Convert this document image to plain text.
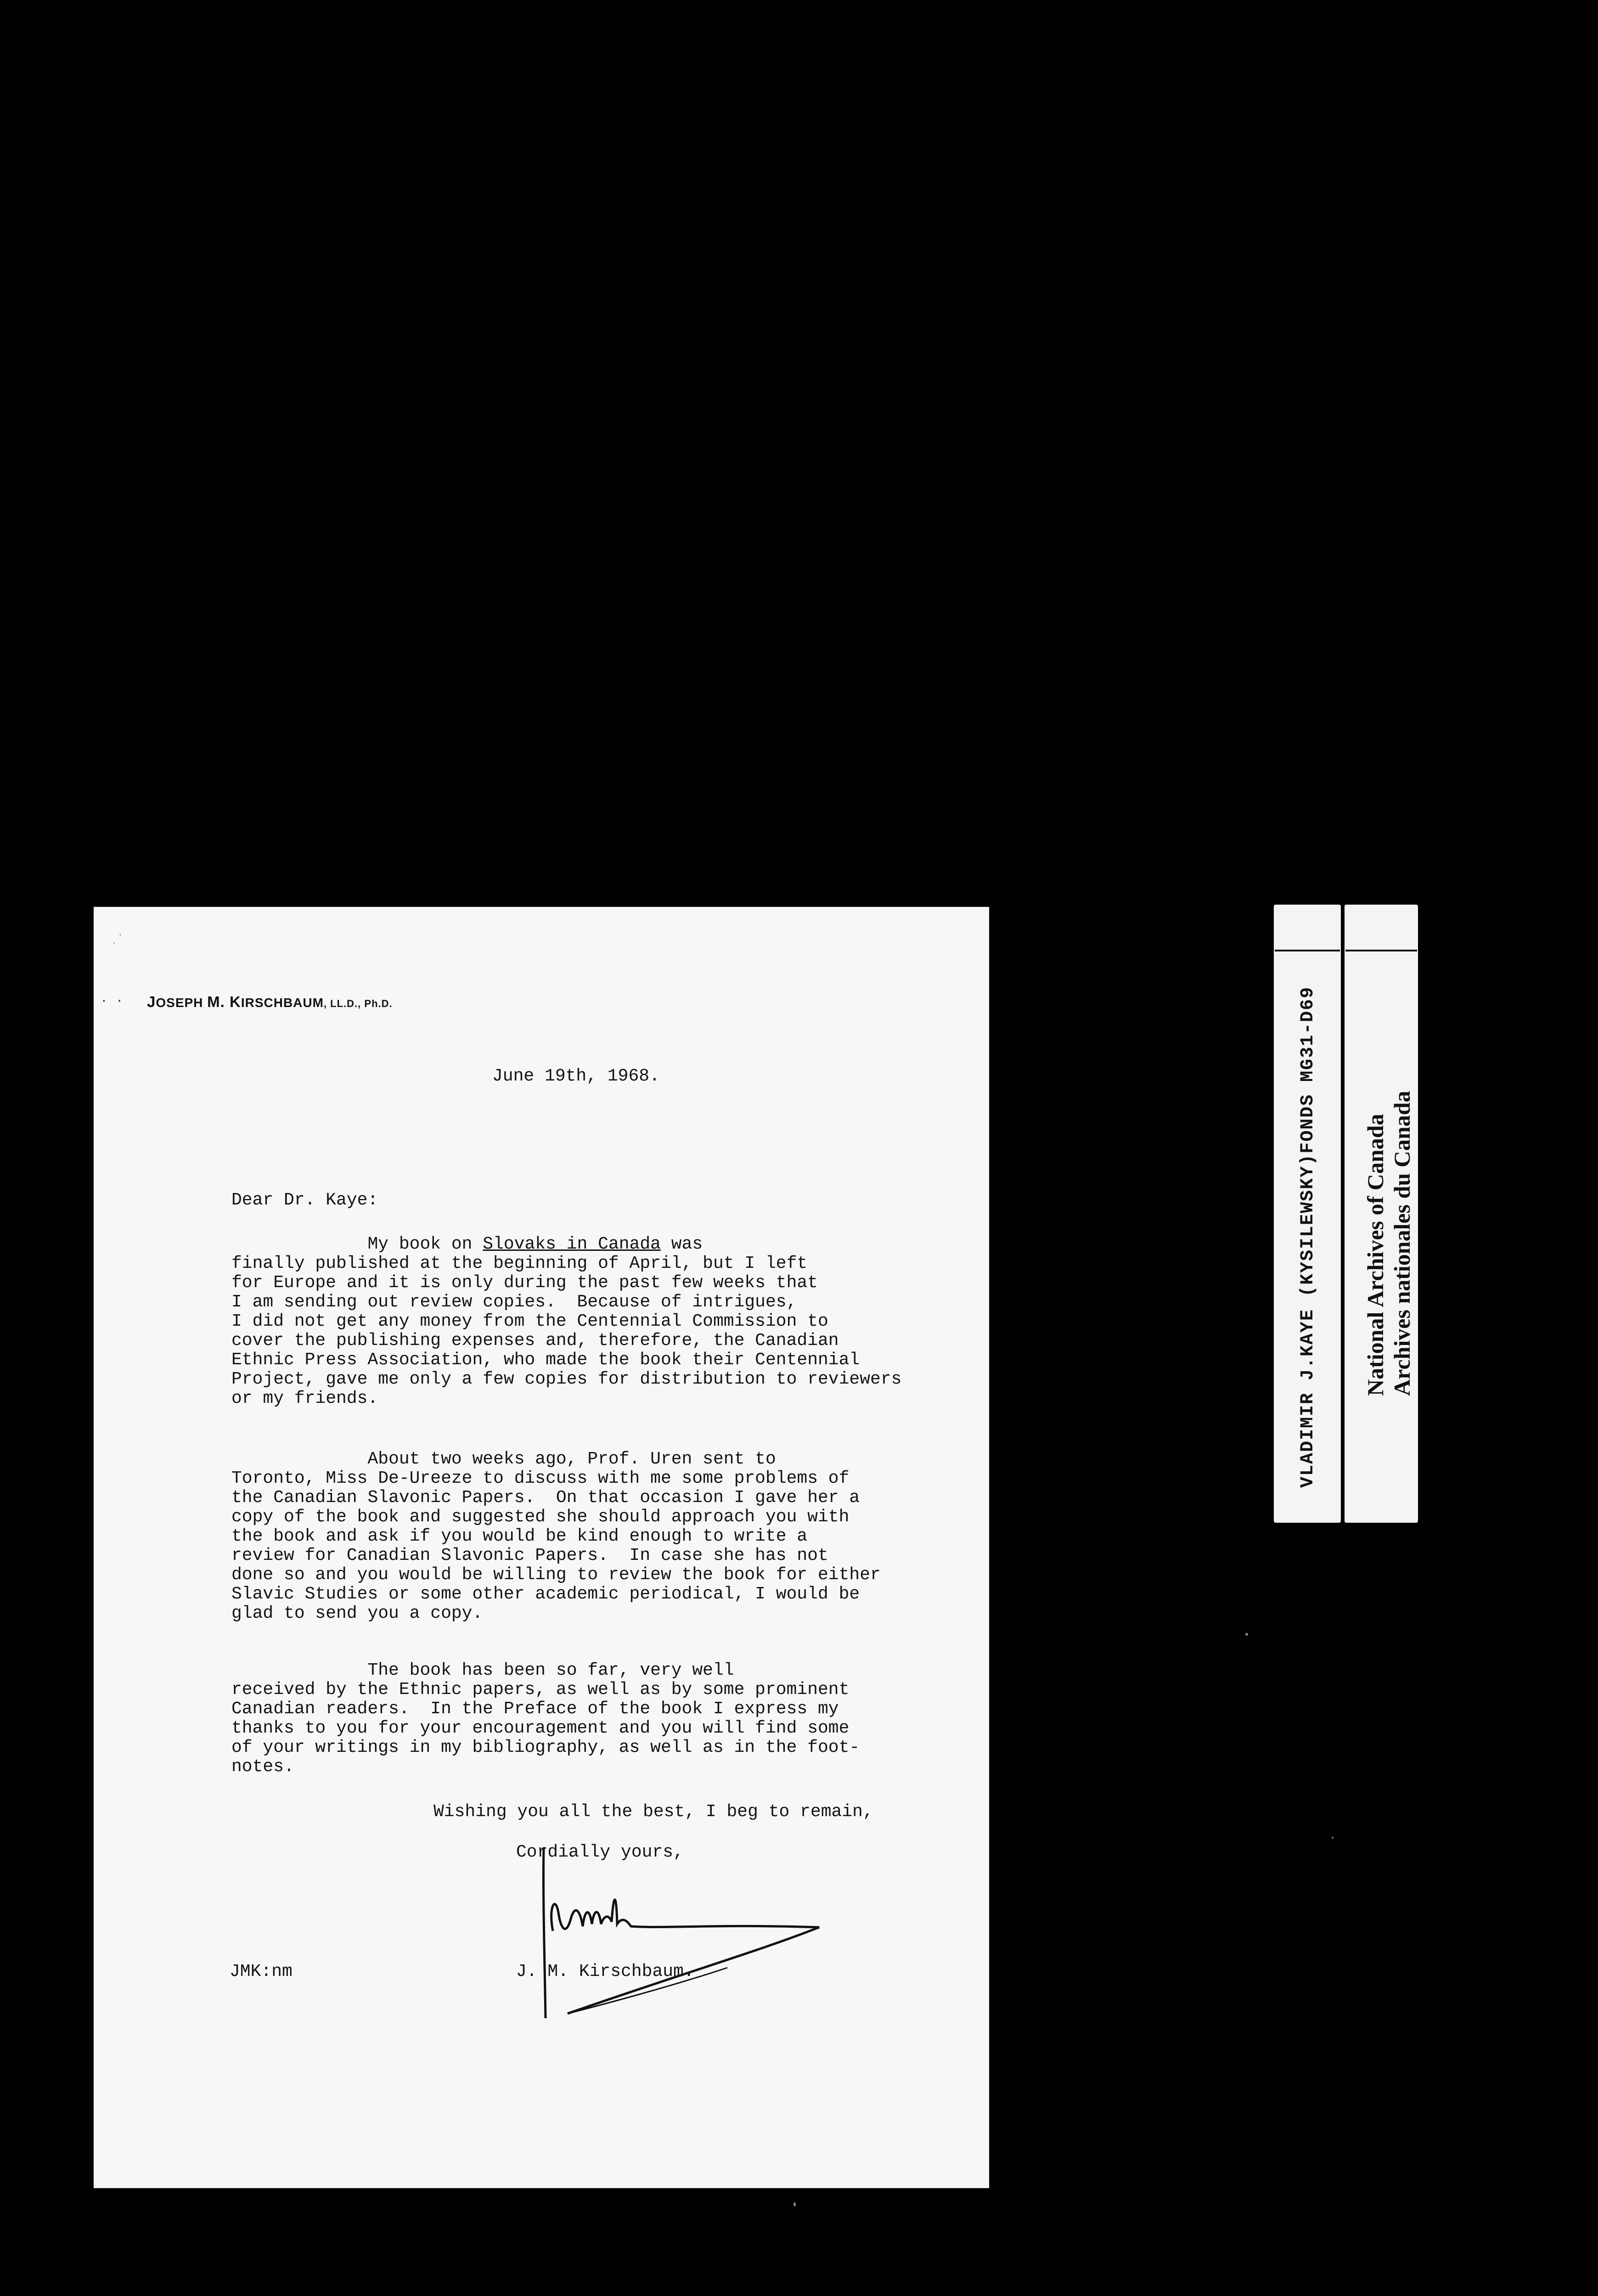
ˌ˙
· · JOSEPH M. KIRSCHBAUM, LL.D., Ph.D.
June 19th, 1968.
Dear Dr. Kaye:
My book on Slovaks in Canada was
finally published at the beginning of April, but I left
for Europe and it is only during the past few weeks that
I am sending out review copies.  Because of intrigues,
I did not get any money from the Centennial Commission to
cover the publishing expenses and, therefore, the Canadian
Ethnic Press Association, who made the book their Centennial
Project, gave me only a few copies for distribution to reviewers
or my friends.
About two weeks ago, Prof. Uren sent to
Toronto, Miss De-Ureeze to discuss with me some problems of
the Canadian Slavonic Papers.  On that occasion I gave her a
copy of the book and suggested she should approach you with
the book and ask if you would be kind enough to write a
review for Canadian Slavonic Papers.  In case she has not
done so and you would be willing to review the book for either
Slavic Studies or some other academic periodical, I would be
glad to send you a copy.
The book has been so far, very well
received by the Ethnic papers, as well as by some prominent
Canadian readers.  In the Preface of the book I express my
thanks to you for your encouragement and you will find some
of your writings in my bibliography, as well as in the foot-
notes.
Wishing you all the best, I beg to remain,
Cordially yours,
JMK:nm	J. M. Kirschbaum.
VLADIMIR J.KAYE (KYSILEWSKY)FONDS MG31-D69 National Archives of Canada Archives nationales du Canada
